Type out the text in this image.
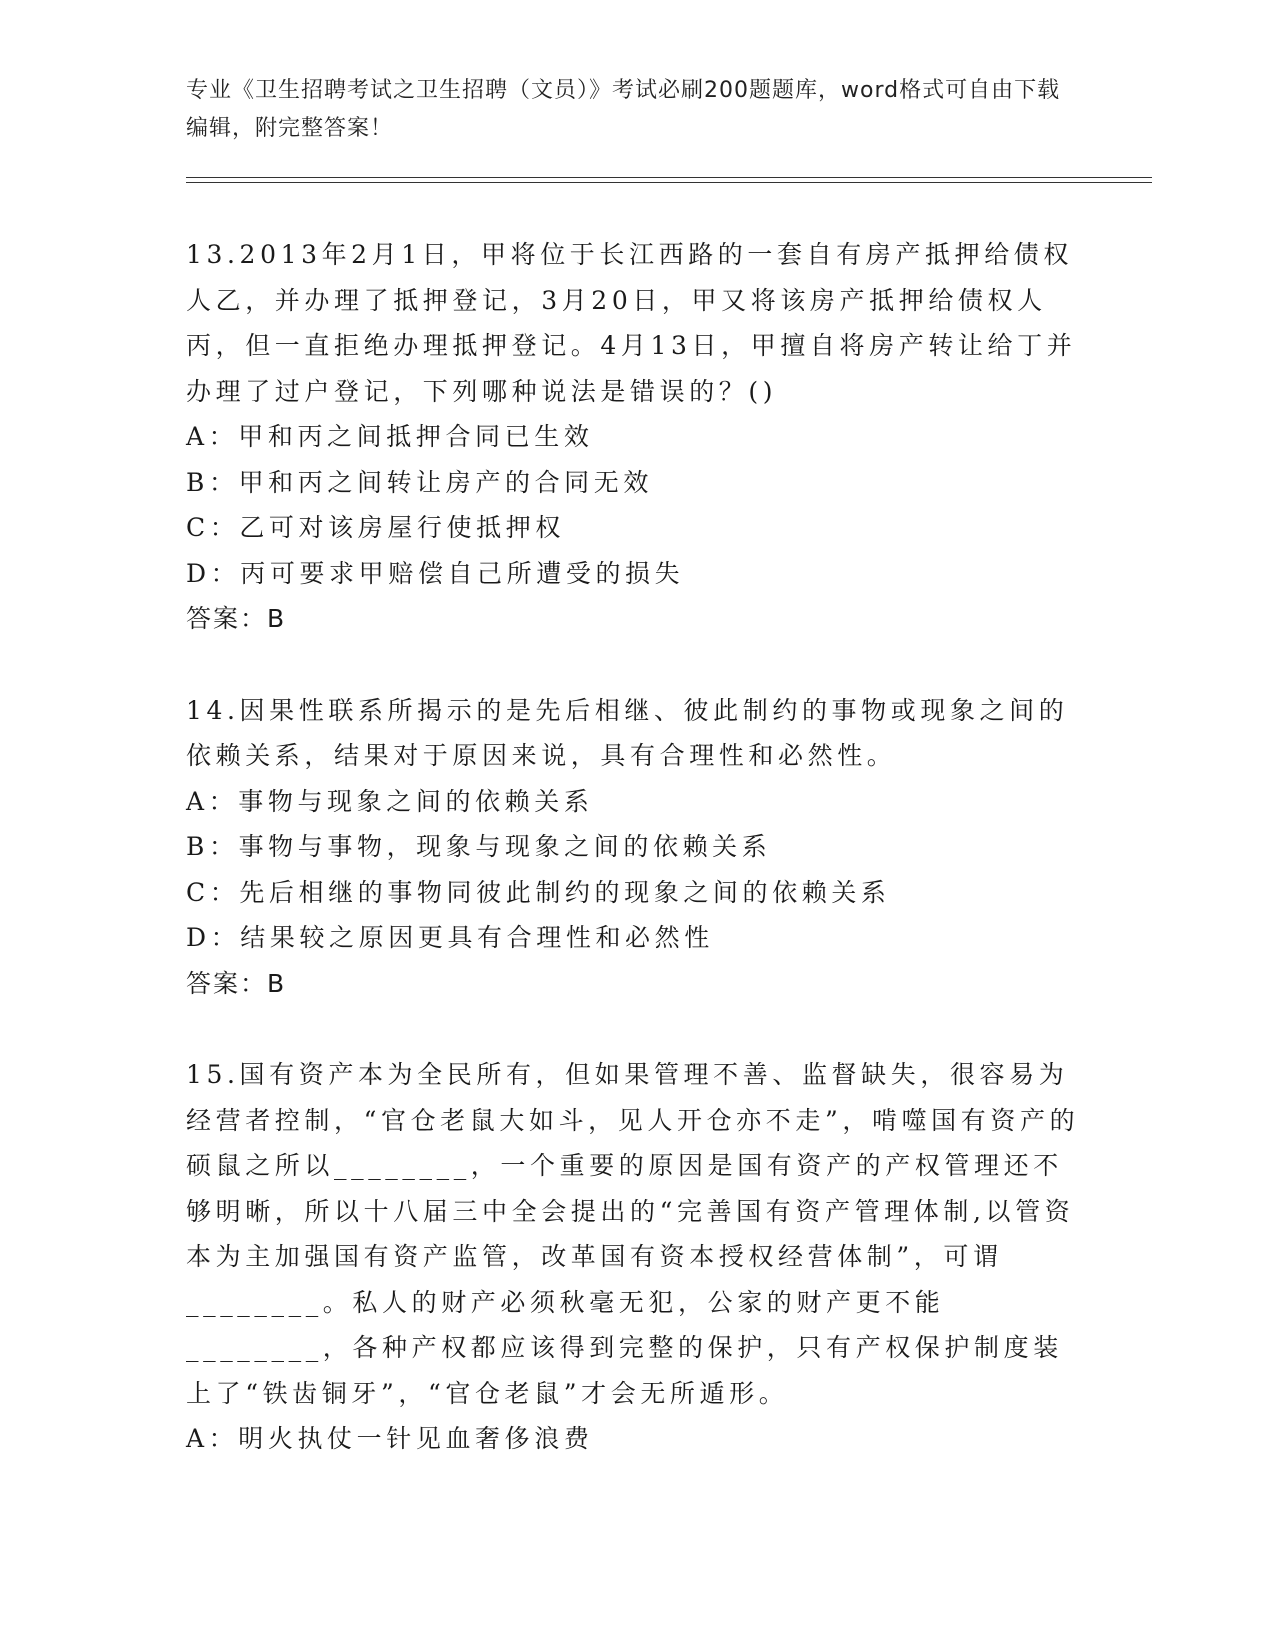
专业《卫生招聘考试之卫生招聘（文员）》考试必刷200题题库，word格式可自由下载编辑，附完整答案！

13.2013年2月1日，甲将位于长江西路的一套自有房产抵押给债权人乙，并办理了抵押登记，3月20日，甲又将该房产抵押给债权人丙，但一直拒绝办理抵押登记。4月13日，甲擅自将房产转让给丁并办理了过户登记，下列哪种说法是错误的？()

A：甲和丙之间抵押合同已生效

B：甲和丙之间转让房产的合同无效

C：乙可对该房屋行使抵押权

D：丙可要求甲赔偿自己所遭受的损失

答案：B

14.因果性联系所揭示的是先后相继、彼此制约的事物或现象之间的依赖关系，结果对于原因来说，具有合理性和必然性。

A：事物与现象之间的依赖关系

B：事物与事物，现象与现象之间的依赖关系

C：先后相继的事物同彼此制约的现象之间的依赖关系

D：结果较之原因更具有合理性和必然性

答案：B

15.国有资产本为全民所有，但如果管理不善、监督缺失，很容易为经营者控制，“官仓老鼠大如斗，见人开仓亦不走”，啃噬国有资产的硕鼠之所以________，一个重要的原因是国有资产的产权管理还不够明晰，所以十八届三中全会提出的“完善国有资产管理体制,以管资本为主加强国有资产监管，改革国有资本授权经营体制”，可谓________。私人的财产必须秋毫无犯，公家的财产更不能________，各种产权都应该得到完整的保护，只有产权保护制度装上了“铁齿铜牙”，“官仓老鼠”才会无所遁形。

A：明火执仗一针见血奢侈浪费
